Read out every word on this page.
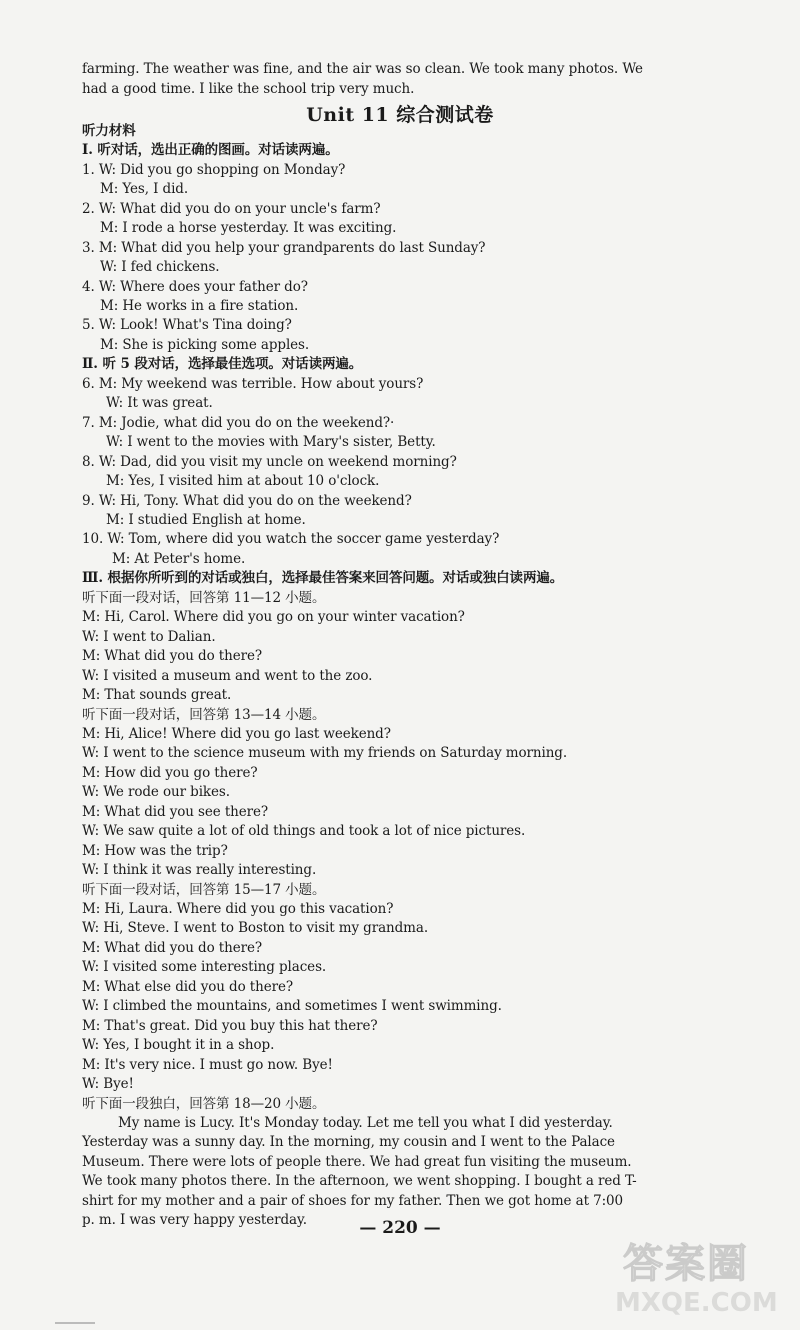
farming. The weather was fine, and the air was so clean. We took many photos. We
had a good time. I like the school trip very much.
Unit 11 综合测试卷
听力材料
Ⅰ. 听对话，选出正确的图画。对话读两遍。
1. W: Did you go shopping on Monday?
M: Yes, I did.
2. W: What did you do on your uncle's farm?
M: I rode a horse yesterday. It was exciting.
3. M: What did you help your grandparents do last Sunday?
W: I fed chickens.
4. W: Where does your father do?
M: He works in a fire station.
5. W: Look! What's Tina doing?
M: She is picking some apples.
Ⅱ. 听 5 段对话，选择最佳选项。对话读两遍。
6. M: My weekend was terrible. How about yours?
W: It was great.
7. M: Jodie, what did you do on the weekend?·
W: I went to the movies with Mary's sister, Betty.
8. W: Dad, did you visit my uncle on weekend morning?
M: Yes, I visited him at about 10 o'clock.
9. W: Hi, Tony. What did you do on the weekend?
M: I studied English at home.
10. W: Tom, where did you watch the soccer game yesterday?
M: At Peter's home.
Ⅲ. 根据你所听到的对话或独白，选择最佳答案来回答问题。对话或独白读两遍。
听下面一段对话，回答第 11—12 小题。
M: Hi, Carol. Where did you go on your winter vacation?
W: I went to Dalian.
M: What did you do there?
W: I visited a museum and went to the zoo.
M: That sounds great.
听下面一段对话，回答第 13—14 小题。
M: Hi, Alice! Where did you go last weekend?
W: I went to the science museum with my friends on Saturday morning.
M: How did you go there?
W: We rode our bikes.
M: What did you see there?
W: We saw quite a lot of old things and took a lot of nice pictures.
M: How was the trip?
W: I think it was really interesting.
听下面一段对话，回答第 15—17 小题。
M: Hi, Laura. Where did you go this vacation?
W: Hi, Steve. I went to Boston to visit my grandma.
M: What did you do there?
W: I visited some interesting places.
M: What else did you do there?
W: I climbed the mountains, and sometimes I went swimming.
M: That's great. Did you buy this hat there?
W: Yes, I bought it in a shop.
M: It's very nice. I must go now. Bye!
W: Bye!
听下面一段独白，回答第 18—20 小题。
My name is Lucy. It's Monday today. Let me tell you what I did yesterday.
Yesterday was a sunny day. In the morning, my cousin and I went to the Palace
Museum. There were lots of people there. We had great fun visiting the museum.
We took many photos there. In the afternoon, we went shopping. I bought a red T-
shirt for my mother and a pair of shoes for my father. Then we got home at 7:00
p. m. I was very happy yesterday.	— 220 —
答案圈
MXQE.COM
